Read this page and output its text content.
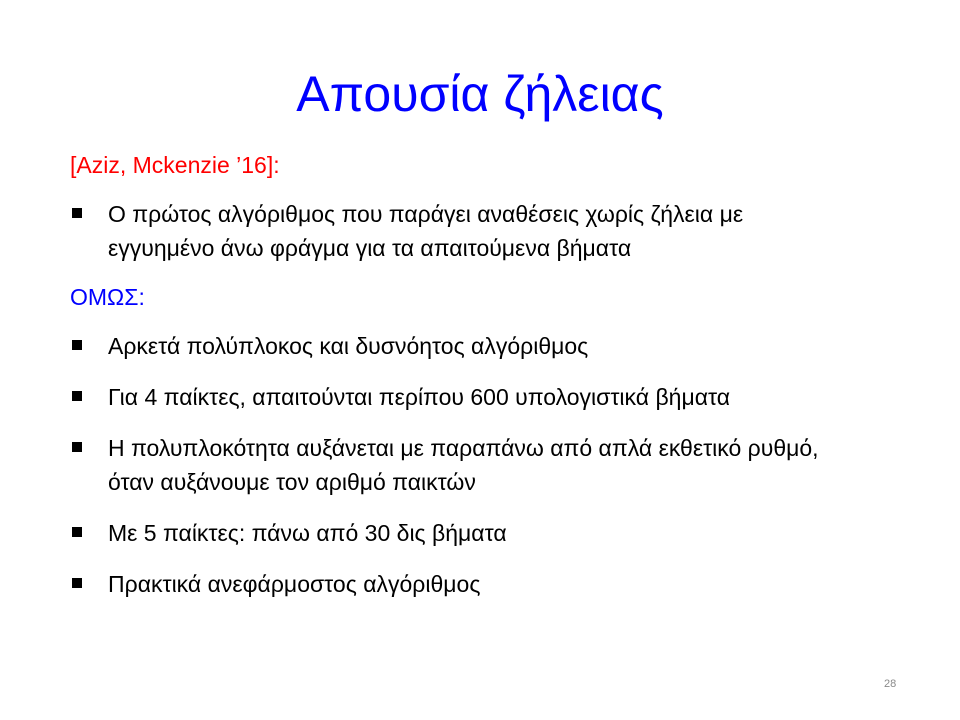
Απουσία ζήλειας
[Aziz, Mckenzie ’16]:
Ο πρώτος αλγόριθμος που παράγει αναθέσεις χωρίς ζήλεια με εγγυημένο άνω φράγμα για τα απαιτούμενα βήματα
ΟΜΩΣ:
Αρκετά πολύπλοκος και δυσνόητος αλγόριθμος
Για 4 παίκτες, απαιτούνται περίπου 600 υπολογιστικά βήματα
Η πολυπλοκότητα αυξάνεται με παραπάνω από απλά εκθετικό ρυθμό, όταν αυξάνουμε τον αριθμό παικτών
Με 5 παίκτες: πάνω από 30 δις βήματα
Πρακτικά ανεφάρμοστος αλγόριθμος
28
